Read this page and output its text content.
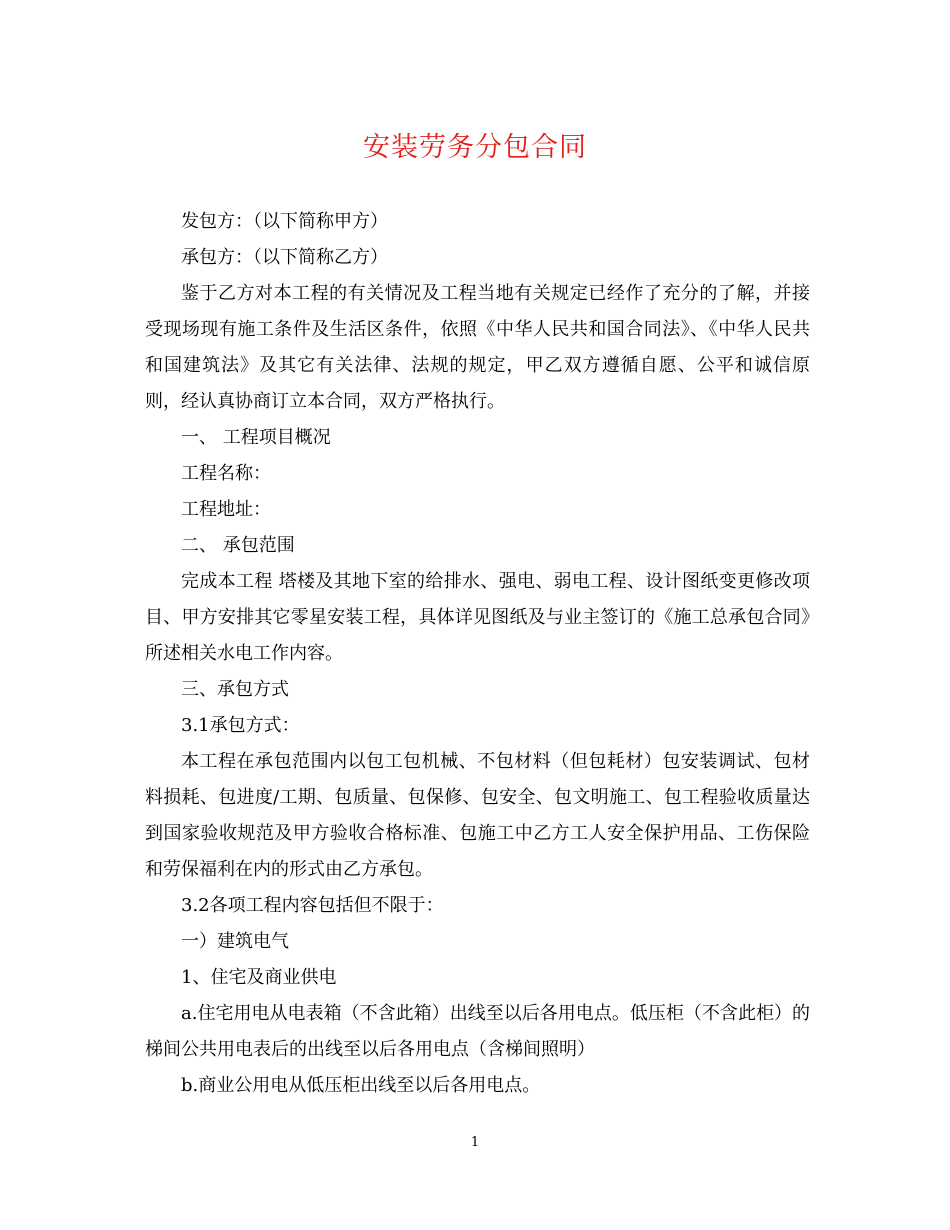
安装劳务分包合同

发包方：（以下简称甲方）

承包方：（以下简称乙方）

鉴于乙方对本工程的有关情况及工程当地有关规定已经作了充分的了解，并接受现场现有施工条件及生活区条件，依照《中华人民共和国合同法》、《中华人民共和国建筑法》及其它有关法律、法规的规定，甲乙双方遵循自愿、公平和诚信原则，经认真协商订立本合同，双方严格执行。

一、 工程项目概况

工程名称：

工程地址：

二、 承包范围

完成本工程 塔楼及其地下室的给排水、强电、弱电工程、设计图纸变更修改项目、甲方安排其它零星安装工程，具体详见图纸及与业主签订的《施工总承包合同》所述相关水电工作内容。

三、承包方式

3.1承包方式：

本工程在承包范围内以包工包机械、不包材料（但包耗材）包安装调试、包材料损耗、包进度/工期、包质量、包保修、包安全、包文明施工、包工程验收质量达到国家验收规范及甲方验收合格标准、包施工中乙方工人安全保护用品、工伤保险和劳保福利在内的形式由乙方承包。

3.2各项工程内容包括但不限于：

一）建筑电气

1、住宅及商业供电

a.住宅用电从电表箱（不含此箱）出线至以后各用电点。低压柜（不含此柜）的梯间公共用电表后的出线至以后各用电点（含梯间照明）

b.商业公用电从低压柜出线至以后各用电点。

1
